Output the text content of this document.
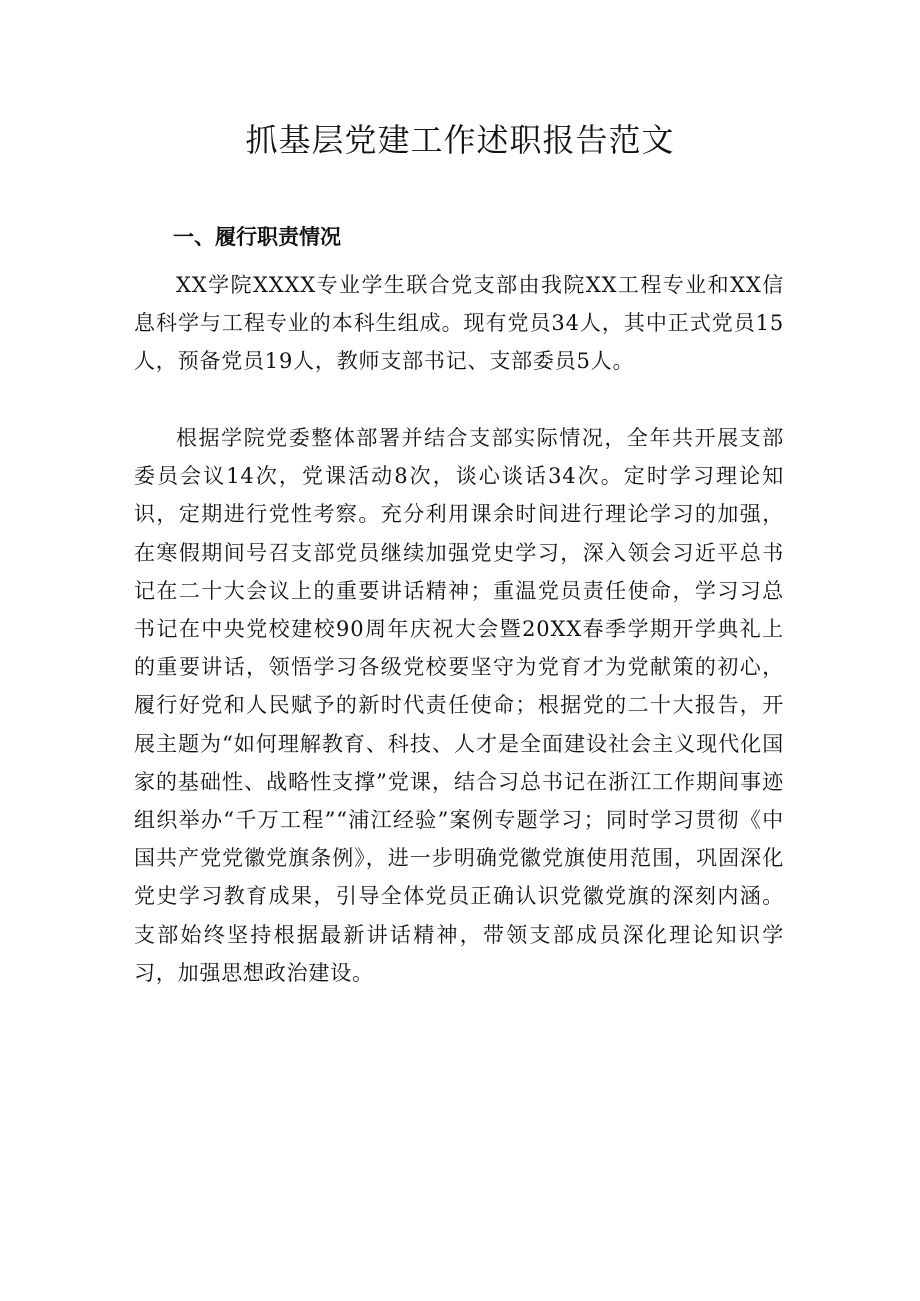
抓基层党建工作述职报告范文
一、履行职责情况

XX学院XXXX专业学生联合党支部由我院XX工程专业和XX信息科学与工程专业的本科生组成。现有党员34人，其中正式党员15人，预备党员19人，教师支部书记、支部委员5人。

根据学院党委整体部署并结合支部实际情况，全年共开展支部委员会议14次，党课活动8次，谈心谈话34次。定时学习理论知识，定期进行党性考察。充分利用课余时间进行理论学习的加强，在寒假期间号召支部党员继续加强党史学习，深入领会习近平总书记在二十大会议上的重要讲话精神；重温党员责任使命，学习习总书记在中央党校建校90周年庆祝大会暨20XX春季学期开学典礼上的重要讲话，领悟学习各级党校要坚守为党育才为党献策的初心，履行好党和人民赋予的新时代责任使命；根据党的二十大报告，开展主题为“如何理解教育、科技、人才是全面建设社会主义现代化国家的基础性、战略性支撑”党课，结合习总书记在浙江工作期间事迹组织举办“千万工程”“浦江经验”案例专题学习；同时学习贯彻《中国共产党党徽党旗条例》，进一步明确党徽党旗使用范围，巩固深化党史学习教育成果，引导全体党员正确认识党徽党旗的深刻内涵。支部始终坚持根据最新讲话精神，带领支部成员深化理论知识学习，加强思想政治建设。
